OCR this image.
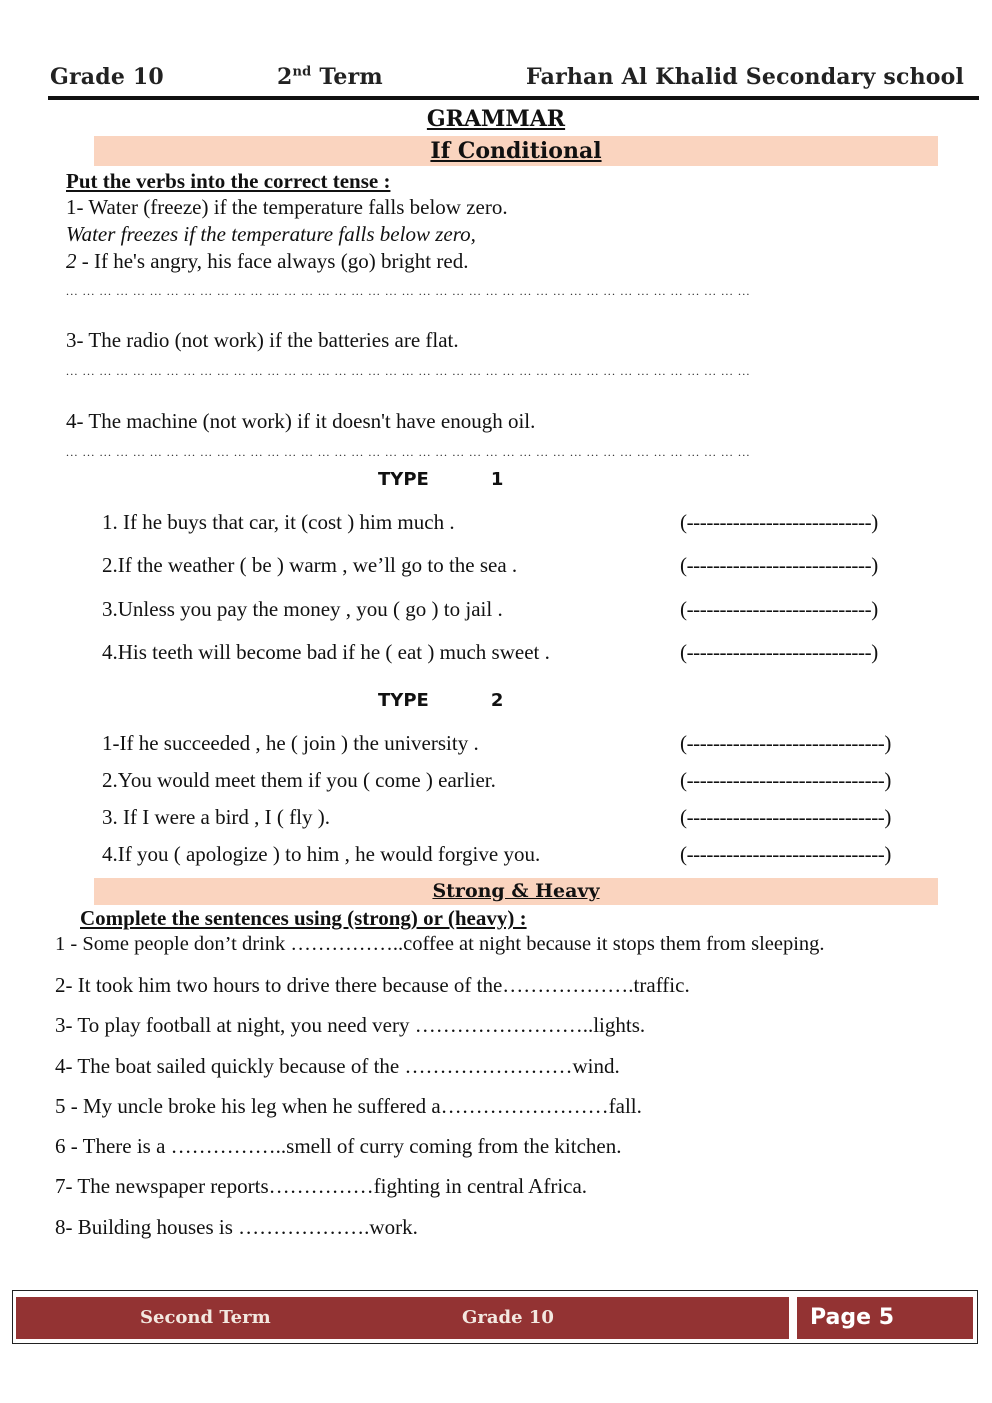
Grade 10	2nd Term	Farhan Al Khalid Secondary school
GRAMMAR
If Conditional
Put the verbs into the correct tense :
1- Water (freeze) if the temperature falls below zero.
Water freezes if the temperature falls below zero,
2 - If he's angry, his face always (go) bright red.
... ... ... ... ... ... ... ... ... ... ... ... ... ... ... ... ... ... ... ... ... ... ... ... ... ... ... ... ... ... ... ... ... ... ... ... ... ... ... ... ...
3- The radio (not work) if the batteries are flat.
... ... ... ... ... ... ... ... ... ... ... ... ... ... ... ... ... ... ... ... ... ... ... ... ... ... ... ... ... ... ... ... ... ... ... ... ... ... ... ... ...
4- The machine (not work) if it doesn't have enough oil.
... ... ... ... ... ... ... ... ... ... ... ... ... ... ... ... ... ... ... ... ... ... ... ... ... ... ... ... ... ... ... ... ... ... ... ... ... ... ... ... ...
TYPE	1
1. If he buys that car, it (cost ) him much .	(----------------------------)
2.If the weather ( be ) warm , we’ll go to the sea .	(----------------------------)
3.Unless you pay the money , you ( go ) to jail .	(----------------------------)
4.His teeth will become bad if he ( eat ) much sweet .	(----------------------------)
TYPE	2
1-If he succeeded , he ( join ) the university .	(------------------------------)
2.You would meet them if you ( come ) earlier.	(------------------------------)
3. If I were a bird , I ( fly ).	(------------------------------)
4.If you ( apologize ) to him , he would forgive you.	(------------------------------)
Strong & Heavy
Complete the sentences using (strong) or (heavy) :
1 - Some people don’t drink ……………..coffee at night because it stops them from sleeping.
2- It took him two hours to drive there because of the……………….traffic.
3- To play football at night, you need very ……………………..lights.
4- The boat sailed quickly because of the ……………………wind.
5 - My uncle broke his leg when he suffered a……………………fall.
6 - There is a ……………..smell of curry coming from the kitchen.
7- The newspaper reports……………fighting in central Africa.
8- Building houses is ……………….work.
Second Term	Grade 10	Page 5
